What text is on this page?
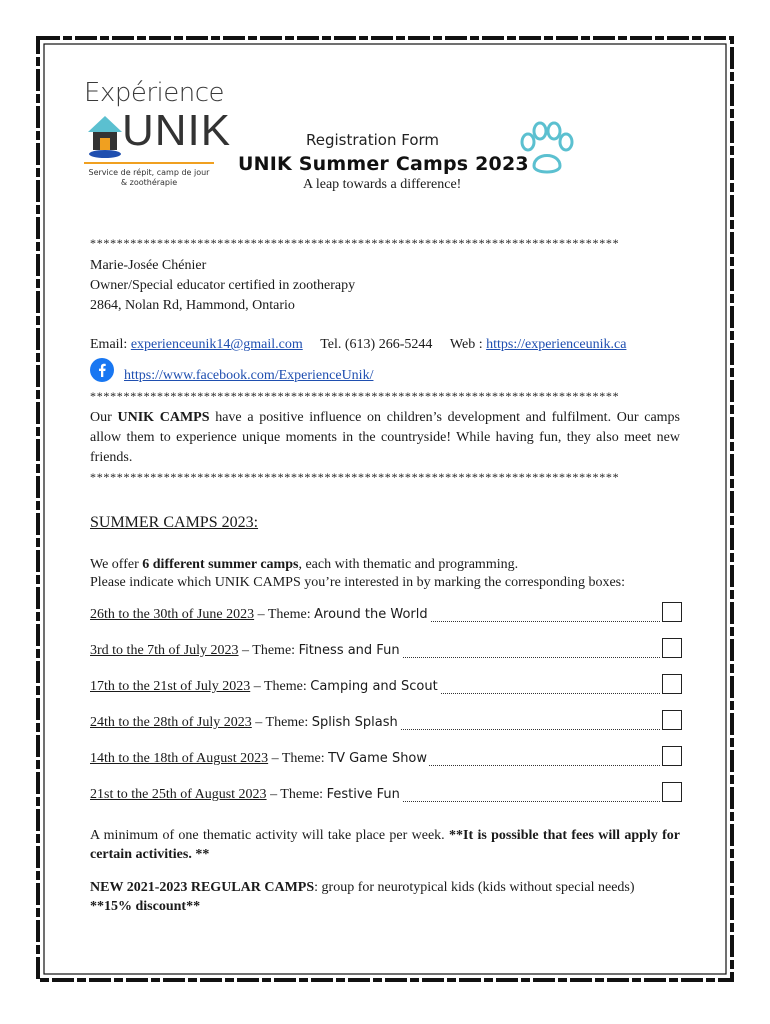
Expérience
UNIK
Service de répit, camp de jour
& zoothérapie
Registration Form
UNIK Summer Camps 2023
A leap towards a difference!
*******************************************************************************
Marie-Josée Chénier
Owner/Special educator certified in zootherapy
2864, Nolan Rd, Hammond, Ontario
Email: experienceunik14@gmail.com Tel. (613) 266-5244 Web : https://experienceunik.ca
https://www.facebook.com/ExperienceUnik/
*******************************************************************************
Our UNIK CAMPS have a positive influence on children’s development and fulfilment. Our camps allow them to experience unique moments in the countryside! While having fun, they also meet new friends.
*******************************************************************************
SUMMER CAMPS 2023:
We offer 6 different summer camps, each with thematic and programming.
Please indicate which UNIK CAMPS you’re interested in by marking the corresponding boxes:
26th to the 30th of June 2023 – Theme: Around the World
3rd to the 7th of July 2023 – Theme: Fitness and Fun
17th to the 21st of July 2023 – Theme: Camping and Scout
24th to the 28th of July 2023 – Theme: Splish Splash
14th to the 18th of August 2023 – Theme: TV Game Show
21st to the 25th of August 2023 – Theme: Festive Fun
A minimum of one thematic activity will take place per week. **It is possible that fees will apply for certain activities. **
NEW 2021-2023 REGULAR CAMPS: group for neurotypical kids (kids without special needs)
**15% discount**
